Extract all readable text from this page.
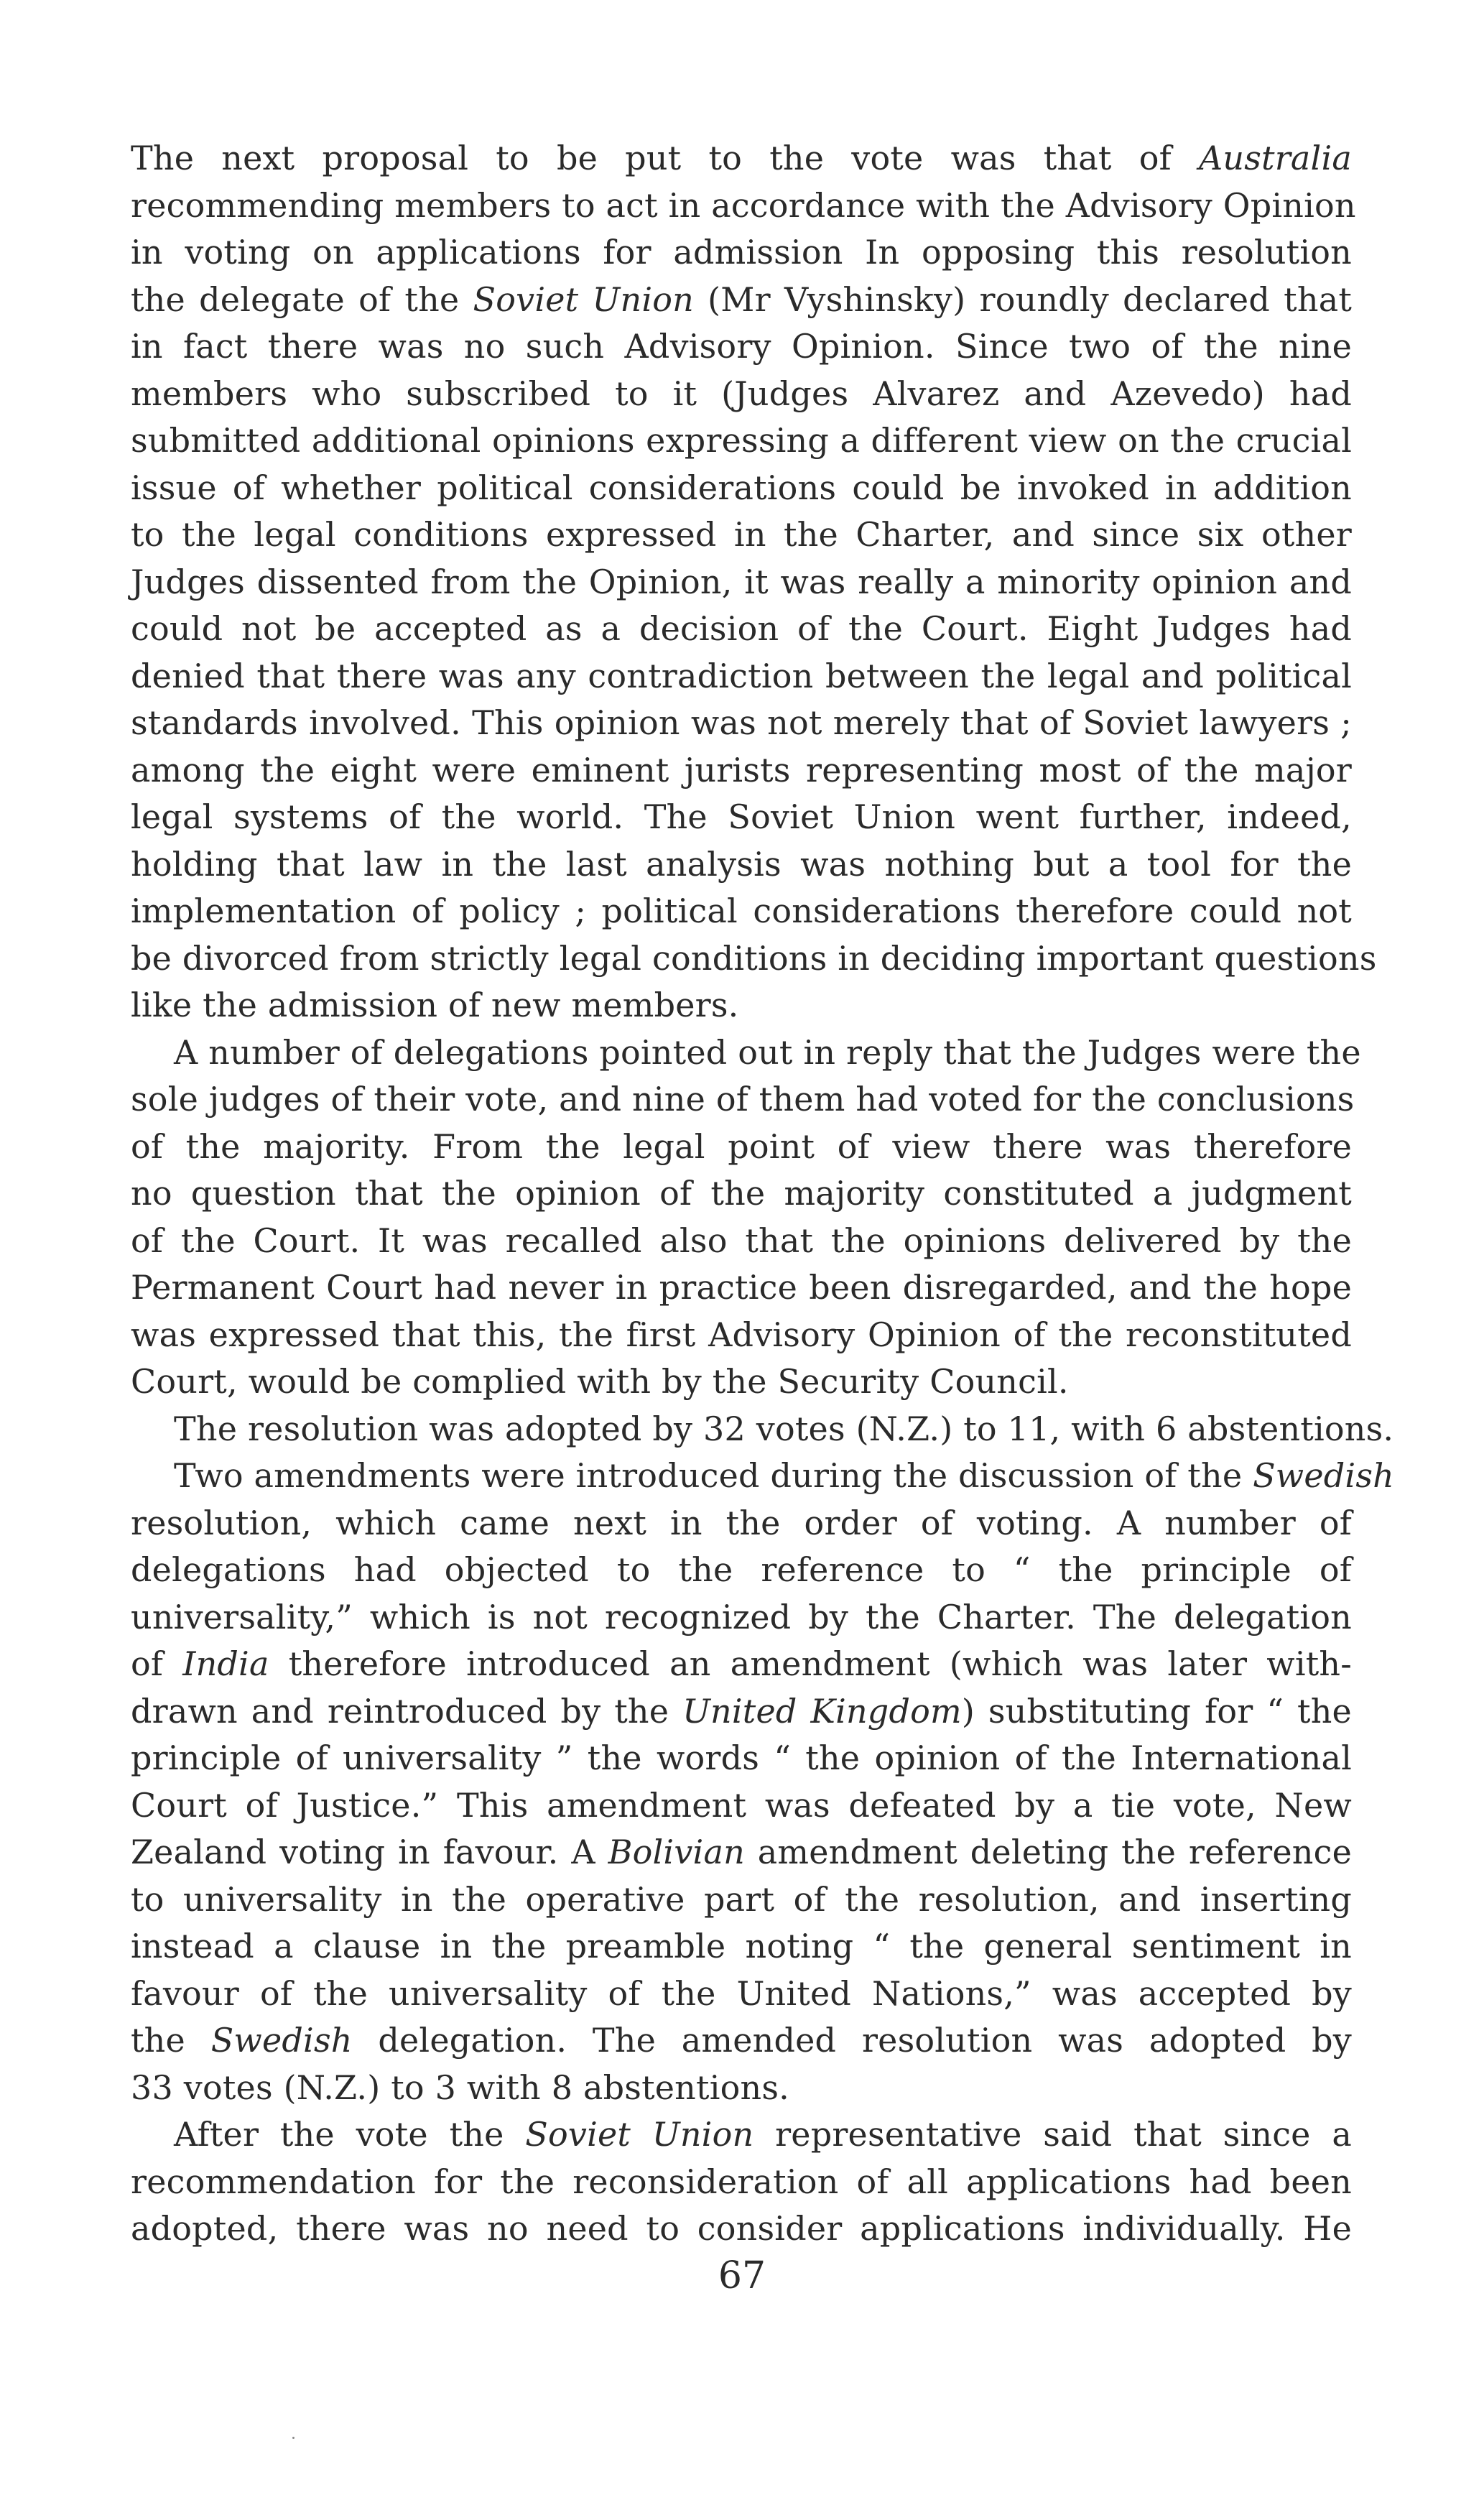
The next proposal to be put to the vote was that of Australia
recommending members to act in accordance with the Advisory Opinion
in voting on applications for admission In opposing this resolution
the delegate of the Soviet Union (Mr Vyshinsky) roundly declared that
in fact there was no such Advisory Opinion. Since two of the nine
members who subscribed to it (Judges Alvarez and Azevedo) had
submitted additional opinions expressing a different view on the crucial
issue of whether political considerations could be invoked in addition
to the legal conditions expressed in the Charter, and since six other
Judges dissented from the Opinion, it was really a minority opinion and
could not be accepted as a decision of the Court. Eight Judges had
denied that there was any contradiction between the legal and political
standards involved. This opinion was not merely that of Soviet lawyers ;
among the eight were eminent jurists representing most of the major
legal systems of the world. The Soviet Union went further, indeed,
holding that law in the last analysis was nothing but a tool for the
implementation of policy ; political considerations therefore could not
be divorced from strictly legal conditions in deciding important questions
like the admission of new members.
A number of delegations pointed out in reply that the Judges were the
sole judges of their vote, and nine of them had voted for the conclusions
of the majority. From the legal point of view there was therefore
no question that the opinion of the majority constituted a judgment
of the Court. It was recalled also that the opinions delivered by the
Permanent Court had never in practice been disregarded, and the hope
was expressed that this, the first Advisory Opinion of the reconstituted
Court, would be complied with by the Security Council.
The resolution was adopted by 32 votes (N.Z.) to 11, with 6 abstentions.
Two amendments were introduced during the discussion of the Swedish
resolution, which came next in the order of voting. A number of
delegations had objected to the reference to “ the principle of
universality,” which is not recognized by the Charter. The delegation
of India therefore introduced an amendment (which was later with-
drawn and reintroduced by the United Kingdom) substituting for “ the
principle of universality ” the words “ the opinion of the International
Court of Justice.” This amendment was defeated by a tie vote, New
Zealand voting in favour. A Bolivian amendment deleting the reference
to universality in the operative part of the resolution, and inserting
instead a clause in the preamble noting “ the general sentiment in
favour of the universality of the United Nations,” was accepted by
the Swedish delegation. The amended resolution was adopted by
33 votes (N.Z.) to 3 with 8 abstentions.
After the vote the Soviet Union representative said that since a
recommendation for the reconsideration of all applications had been
adopted, there was no need to consider applications individually. He
67
